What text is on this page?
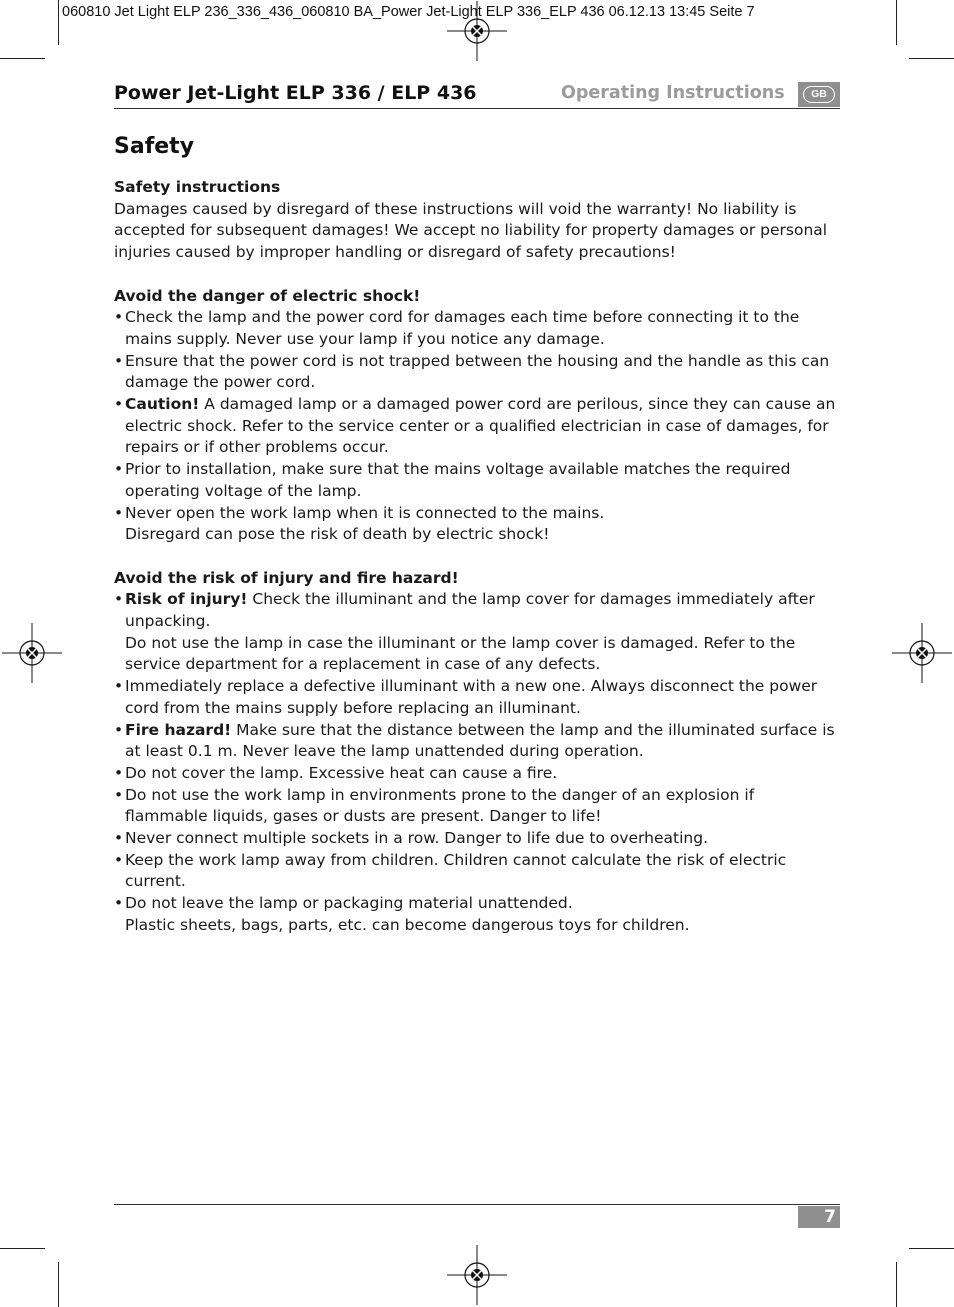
060810 Jet Light ELP 236_336_436_060810 BA_Power Jet-Light ELP 336_ELP 436 06.12.13 13:45 Seite 7
Power Jet-Light ELP 336 / ELP 436	Operating Instructions	GB
Safety
Safety instructions
Damages caused by disregard of these instructions will void the warranty! No liability is accepted for subsequent damages! We accept no liability for property damages or personal injuries caused by improper handling or disregard of safety precautions!
Avoid the danger of electric shock!
• Check the lamp and the power cord for damages each time before connecting it to the mains supply. Never use your lamp if you notice any damage.
• Ensure that the power cord is not trapped between the housing and the handle as this can damage the power cord.
• Caution! A damaged lamp or a damaged power cord are perilous, since they can cause an electric shock. Refer to the service center or a qualified electrician in case of damages, for repairs or if other problems occur.
• Prior to installation, make sure that the mains voltage available matches the required operating voltage of the lamp.
• Never open the work lamp when it is connected to the mains.
Disregard can pose the risk of death by electric shock!
Avoid the risk of injury and fire hazard!
• Risk of injury! Check the illuminant and the lamp cover for damages immediately after unpacking.
Do not use the lamp in case the illuminant or the lamp cover is damaged. Refer to the service department for a replacement in case of any defects.
• Immediately replace a defective illuminant with a new one. Always disconnect the power cord from the mains supply before replacing an illuminant.
• Fire hazard! Make sure that the distance between the lamp and the illuminated surface is at least 0.1 m. Never leave the lamp unattended during operation.
• Do not cover the lamp. Excessive heat can cause a fire.
• Do not use the work lamp in environments prone to the danger of an explosion if flammable liquids, gases or dusts are present. Danger to life!
• Never connect multiple sockets in a row. Danger to life due to overheating.
• Keep the work lamp away from children. Children cannot calculate the risk of electric current.
• Do not leave the lamp or packaging material unattended.
Plastic sheets, bags, parts, etc. can become dangerous toys for children.
7
